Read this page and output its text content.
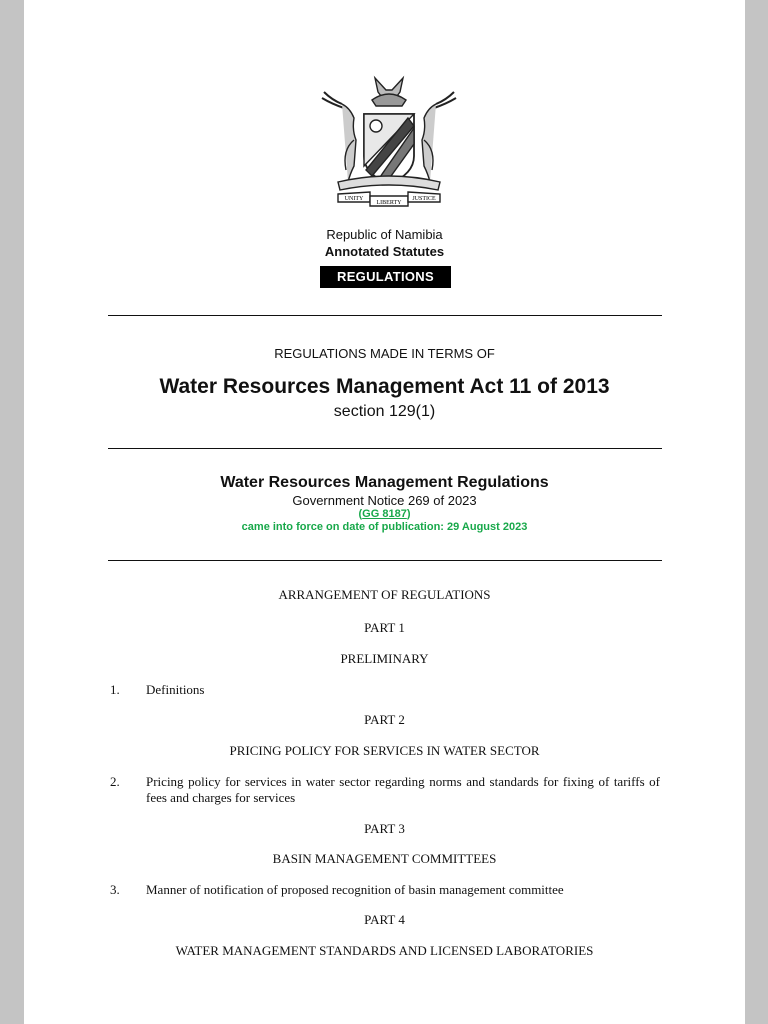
UNITY
LIBERTY
JUSTICE
Republic of Namibia
Annotated Statutes
REGULATIONS
REGULATIONS MADE IN TERMS OF
Water Resources Management Act 11 of 2013
section 129(1)
Water Resources Management Regulations
Government Notice 269 of 2023
(GG 8187)
came into force on date of publication: 29 August 2023
ARRANGEMENT OF REGULATIONS
PART 1
PRELIMINARY
1. Definitions
PART 2
PRICING POLICY FOR SERVICES IN WATER SECTOR
2. Pricing policy for services in water sector regarding norms and standards for fixing of tariffs of fees and charges for services
PART 3
BASIN MANAGEMENT COMMITTEES
3. Manner of notification of proposed recognition of basin management committee
PART 4
WATER MANAGEMENT STANDARDS AND LICENSED LABORATORIES
